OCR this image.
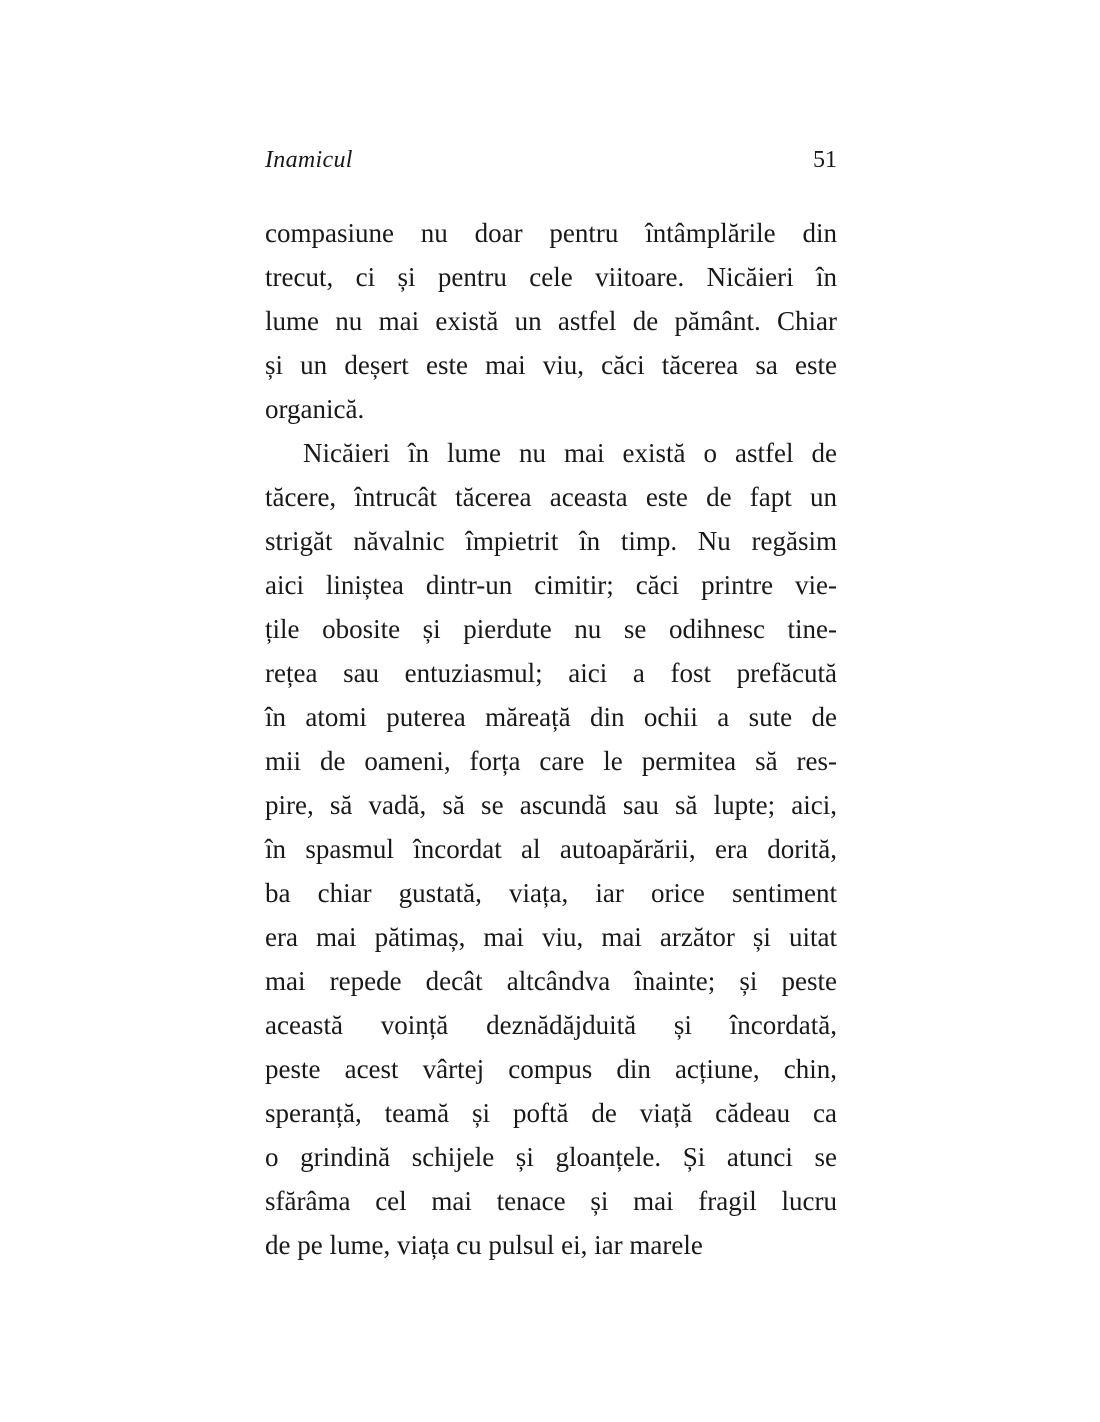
Inamicul	51
compasiune nu doar pentru întâmplările din
trecut, ci și pentru cele viitoare. Nicăieri în
lume nu mai există un astfel de pământ. Chiar
și un deșert este mai viu, căci tăcerea sa este
organică.
Nicăieri în lume nu mai există o astfel de
tăcere, întrucât tăcerea aceasta este de fapt un
strigăt năvalnic împietrit în timp. Nu regăsim
aici liniștea dintr-un cimitir; căci printre vie-
țile obosite și pierdute nu se odihnesc tine-
rețea sau entuziasmul; aici a fost prefăcută
în atomi puterea măreață din ochii a sute de
mii de oameni, forța care le permitea să res-
pire, să vadă, să se ascundă sau să lupte; aici,
în spasmul încordat al autoapărării, era dorită,
ba chiar gustată, viața, iar orice sentiment
era mai pătimaș, mai viu, mai arzător și uitat
mai repede decât altcândva înainte; și peste
această voință deznădăjduită și încordată,
peste acest vârtej compus din acțiune, chin,
speranță, teamă și poftă de viață cădeau ca
o grindină schijele și gloanțele. Și atunci se
sfărâma cel mai tenace și mai fragil lucru
de pe lume, viața cu pulsul ei, iar marele
